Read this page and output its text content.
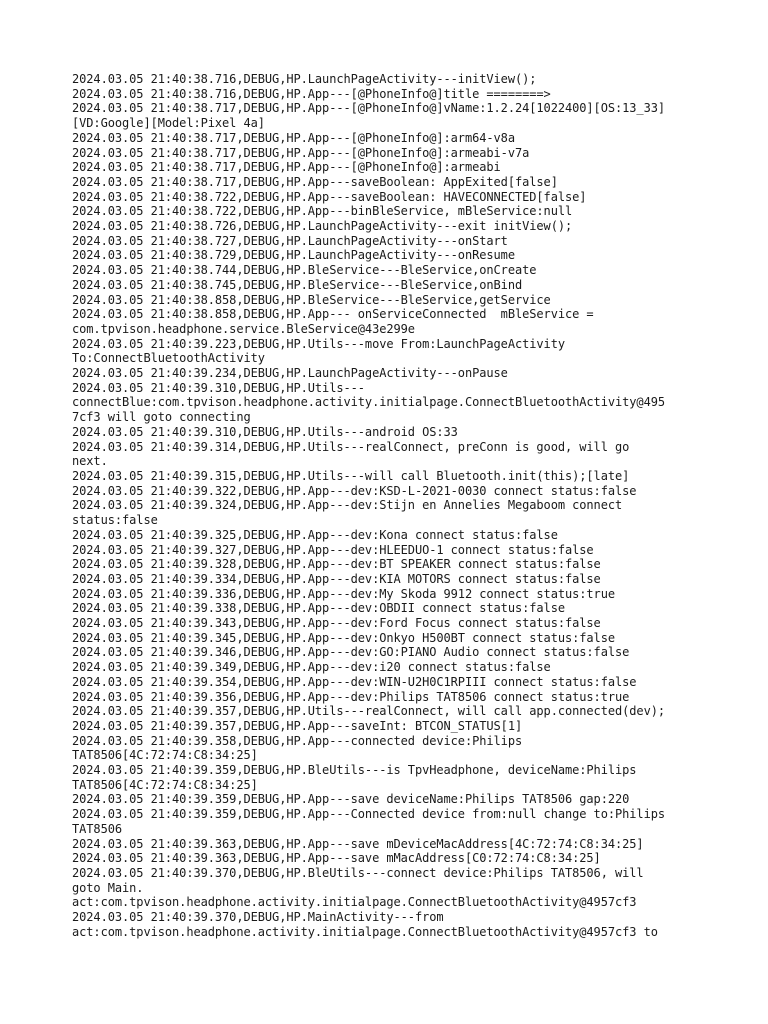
2024.03.05 21:40:38.716,DEBUG,HP.LaunchPageActivity---initView();
2024.03.05 21:40:38.716,DEBUG,HP.App---[@PhoneInfo@]title ========>
2024.03.05 21:40:38.717,DEBUG,HP.App---[@PhoneInfo@]vName:1.2.24[1022400][OS:13_33]
[VD:Google][Model:Pixel 4a]
2024.03.05 21:40:38.717,DEBUG,HP.App---[@PhoneInfo@]:arm64-v8a
2024.03.05 21:40:38.717,DEBUG,HP.App---[@PhoneInfo@]:armeabi-v7a
2024.03.05 21:40:38.717,DEBUG,HP.App---[@PhoneInfo@]:armeabi
2024.03.05 21:40:38.717,DEBUG,HP.App---saveBoolean: AppExited[false]
2024.03.05 21:40:38.722,DEBUG,HP.App---saveBoolean: HAVECONNECTED[false]
2024.03.05 21:40:38.722,DEBUG,HP.App---binBleService, mBleService:null
2024.03.05 21:40:38.726,DEBUG,HP.LaunchPageActivity---exit initView();
2024.03.05 21:40:38.727,DEBUG,HP.LaunchPageActivity---onStart
2024.03.05 21:40:38.729,DEBUG,HP.LaunchPageActivity---onResume
2024.03.05 21:40:38.744,DEBUG,HP.BleService---BleService,onCreate
2024.03.05 21:40:38.745,DEBUG,HP.BleService---BleService,onBind
2024.03.05 21:40:38.858,DEBUG,HP.BleService---BleService,getService
2024.03.05 21:40:38.858,DEBUG,HP.App--- onServiceConnected  mBleService =
com.tpvison.headphone.service.BleService@43e299e
2024.03.05 21:40:39.223,DEBUG,HP.Utils---move From:LaunchPageActivity
To:ConnectBluetoothActivity
2024.03.05 21:40:39.234,DEBUG,HP.LaunchPageActivity---onPause
2024.03.05 21:40:39.310,DEBUG,HP.Utils---
connectBlue:com.tpvison.headphone.activity.initialpage.ConnectBluetoothActivity@495
7cf3 will goto connecting
2024.03.05 21:40:39.310,DEBUG,HP.Utils---android OS:33
2024.03.05 21:40:39.314,DEBUG,HP.Utils---realConnect, preConn is good, will go
next.
2024.03.05 21:40:39.315,DEBUG,HP.Utils---will call Bluetooth.init(this);[late]
2024.03.05 21:40:39.322,DEBUG,HP.App---dev:KSD-L-2021-0030 connect status:false
2024.03.05 21:40:39.324,DEBUG,HP.App---dev:Stijn en Annelies Megaboom connect
status:false
2024.03.05 21:40:39.325,DEBUG,HP.App---dev:Kona connect status:false
2024.03.05 21:40:39.327,DEBUG,HP.App---dev:HLEEDUO-1 connect status:false
2024.03.05 21:40:39.328,DEBUG,HP.App---dev:BT SPEAKER connect status:false
2024.03.05 21:40:39.334,DEBUG,HP.App---dev:KIA MOTORS connect status:false
2024.03.05 21:40:39.336,DEBUG,HP.App---dev:My Skoda 9912 connect status:true
2024.03.05 21:40:39.338,DEBUG,HP.App---dev:OBDII connect status:false
2024.03.05 21:40:39.343,DEBUG,HP.App---dev:Ford Focus connect status:false
2024.03.05 21:40:39.345,DEBUG,HP.App---dev:Onkyo H500BT connect status:false
2024.03.05 21:40:39.346,DEBUG,HP.App---dev:GO:PIANO Audio connect status:false
2024.03.05 21:40:39.349,DEBUG,HP.App---dev:i20 connect status:false
2024.03.05 21:40:39.354,DEBUG,HP.App---dev:WIN-U2H0C1RPIII connect status:false
2024.03.05 21:40:39.356,DEBUG,HP.App---dev:Philips TAT8506 connect status:true
2024.03.05 21:40:39.357,DEBUG,HP.Utils---realConnect, will call app.connected(dev);
2024.03.05 21:40:39.357,DEBUG,HP.App---saveInt: BTCON_STATUS[1]
2024.03.05 21:40:39.358,DEBUG,HP.App---connected device:Philips
TAT8506[4C:72:74:C8:34:25]
2024.03.05 21:40:39.359,DEBUG,HP.BleUtils---is TpvHeadphone, deviceName:Philips
TAT8506[4C:72:74:C8:34:25]
2024.03.05 21:40:39.359,DEBUG,HP.App---save deviceName:Philips TAT8506 gap:220
2024.03.05 21:40:39.359,DEBUG,HP.App---Connected device from:null change to:Philips
TAT8506
2024.03.05 21:40:39.363,DEBUG,HP.App---save mDeviceMacAddress[4C:72:74:C8:34:25]
2024.03.05 21:40:39.363,DEBUG,HP.App---save mMacAddress[C0:72:74:C8:34:25]
2024.03.05 21:40:39.370,DEBUG,HP.BleUtils---connect device:Philips TAT8506, will
goto Main.
act:com.tpvison.headphone.activity.initialpage.ConnectBluetoothActivity@4957cf3
2024.03.05 21:40:39.370,DEBUG,HP.MainActivity---from
act:com.tpvison.headphone.activity.initialpage.ConnectBluetoothActivity@4957cf3 to
